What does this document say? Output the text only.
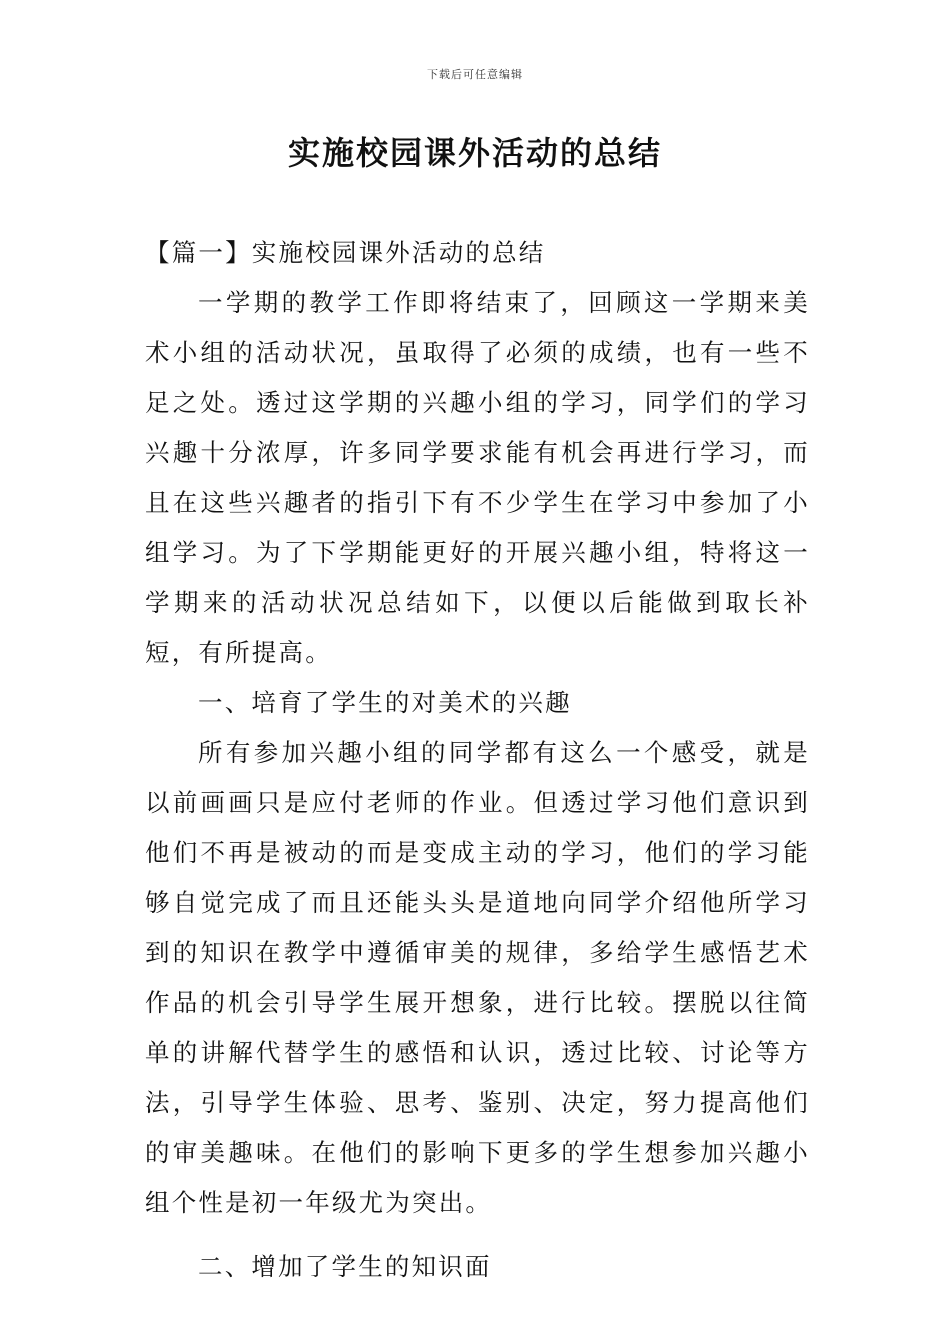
下载后可任意编辑
实施校园课外活动的总结

【篇一】实施校园课外活动的总结

一学期的教学工作即将结束了，回顾这一学期来美术小组的活动状况，虽取得了必须的成绩，也有一些不足之处。透过这学期的兴趣小组的学习，同学们的学习兴趣十分浓厚，许多同学要求能有机会再进行学习，而且在这些兴趣者的指引下有不少学生在学习中参加了小组学习。为了下学期能更好的开展兴趣小组，特将这一学期来的活动状况总结如下，以便以后能做到取长补短，有所提高。

一、培育了学生的对美术的兴趣

所有参加兴趣小组的同学都有这么一个感受，就是以前画画只是应付老师的作业。但透过学习他们意识到他们不再是被动的而是变成主动的学习，他们的学习能够自觉完成了而且还能头头是道地向同学介绍他所学习到的知识在教学中遵循审美的规律，多给学生感悟艺术作品的机会引导学生展开想象，进行比较。摆脱以往简单的讲解代替学生的感悟和认识，透过比较、讨论等方法，引导学生体验、思考、鉴别、决定，努力提高他们的审美趣味。在他们的影响下更多的学生想参加兴趣小组个性是初一年级尤为突出。

二、增加了学生的知识面
